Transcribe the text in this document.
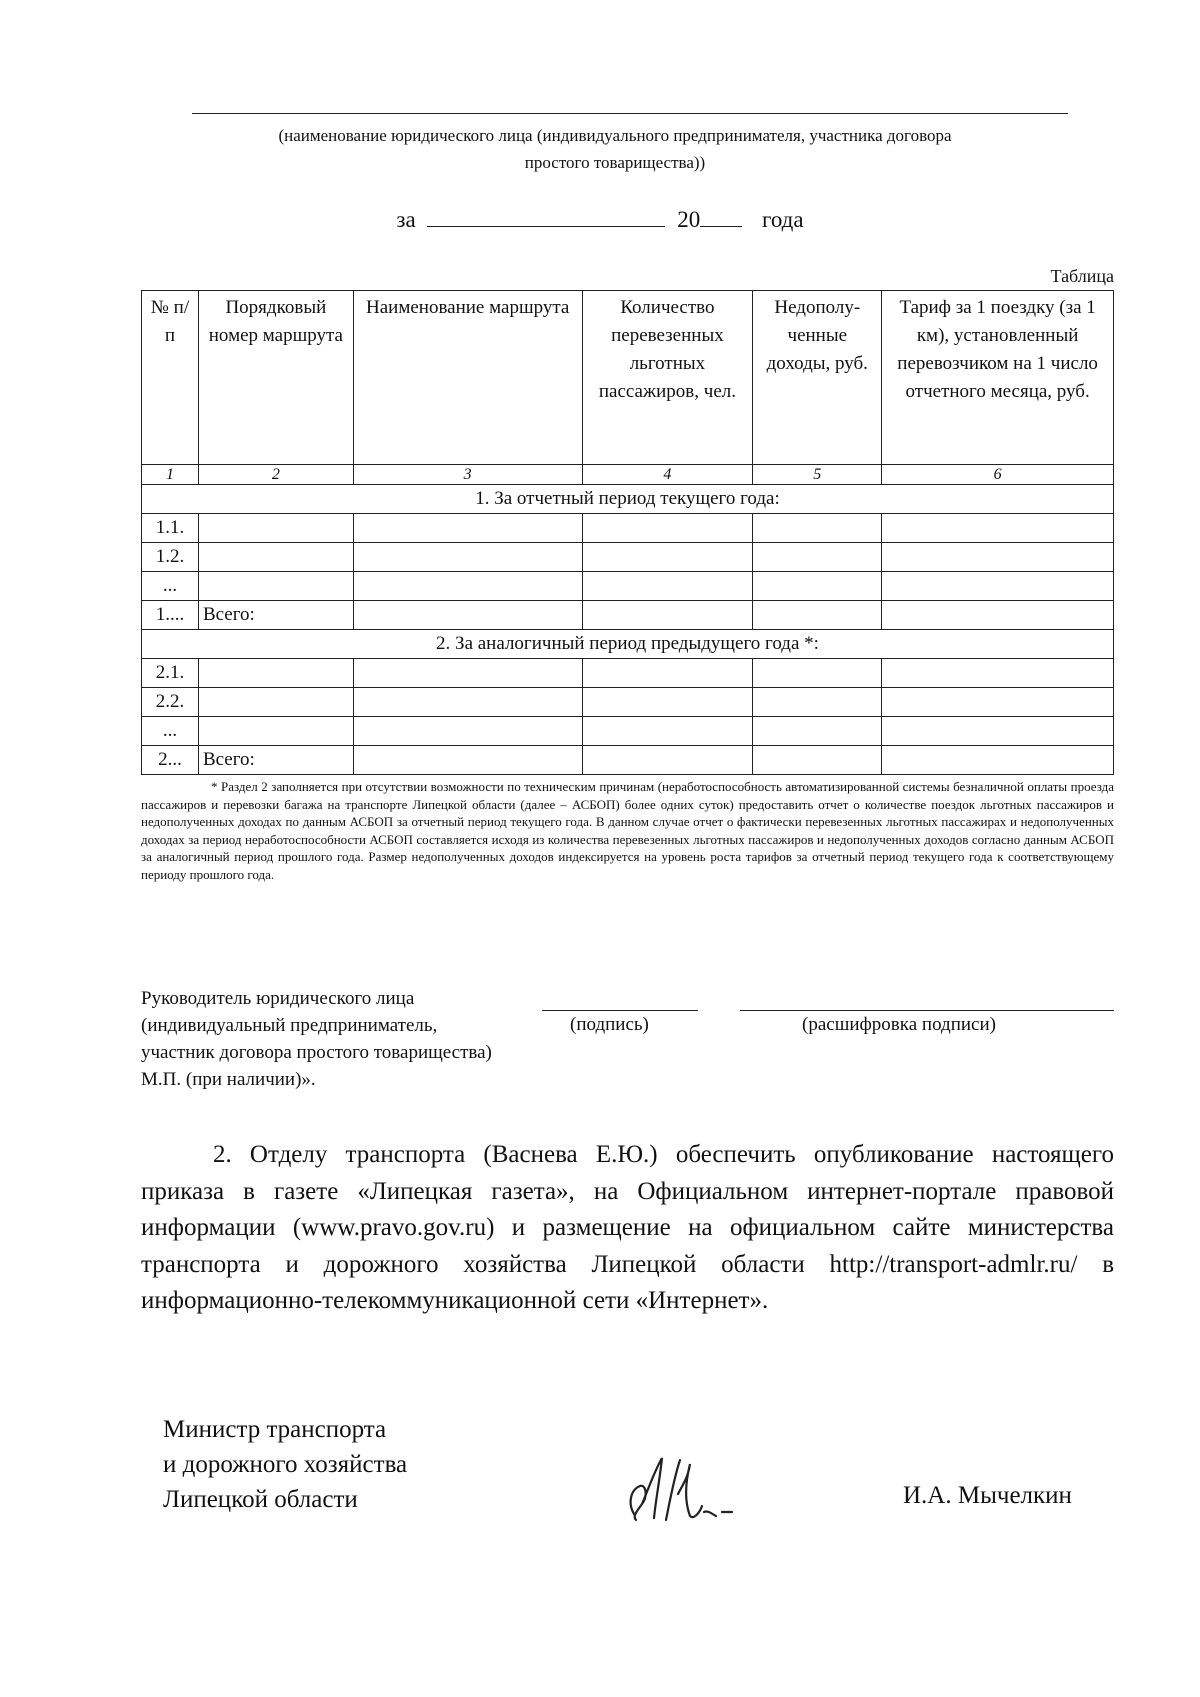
(наименование юридического лица (индивидуального предпринимателя, участника договора
простого товарищества))
за	20	года
Таблица
№ п/п	Порядковый номер маршрута	Наименование маршрута	Количество перевезенных льготных пассажиров, чел.	Недополу-ченные доходы, руб.	Тариф за 1 поездку (за 1 км), установленный перевозчиком на 1 число отчетного месяца, руб.
1	2	3	4	5	6
1. За отчетный период текущего года:					
1.1.					
1.2.					
...					
1....	Всего:				
2. За аналогичный период предыдущего года *:					
2.1.					
2.2.					
...					
2...	Всего:				
* Раздел 2 заполняется при отсутствии возможности по техническим причинам (неработоспособность автоматизированной системы безналичной оплаты проезда пассажиров и перевозки багажа на транспорте Липецкой области (далее – АСБОП) более одних суток) предоставить отчет о количестве поездок льготных пассажиров и недополученных доходах по данным АСБОП за отчетный период текущего года. В данном случае отчет о фактически перевезенных льготных пассажирах и недополученных доходах за период неработоспособности АСБОП составляется исходя из количества перевезенных льготных пассажиров и недополученных доходов согласно данным АСБОП за аналогичный период прошлого года. Размер недополученных доходов индексируется на уровень роста тарифов за отчетный период текущего года к соответствующему периоду прошлого года.
Руководитель юридического лица
(индивидуальный предприниматель,
участник договора простого товарищества)
М.П. (при наличии)».
(подпись)	(расшифровка подписи)
2. Отделу транспорта (Васнева Е.Ю.) обеспечить опубликование настоящего приказа в газете «Липецкая газета», на Официальном интернет-портале правовой информации (www.pravo.gov.ru) и размещение на официальном сайте министерства транспорта и дорожного хозяйства Липецкой области http://transport-admlr.ru/ в информационно-телекоммуникационной сети «Интернет».
Министр транспорта
и дорожного хозяйства
Липецкой области	И.А. Мычелкин
